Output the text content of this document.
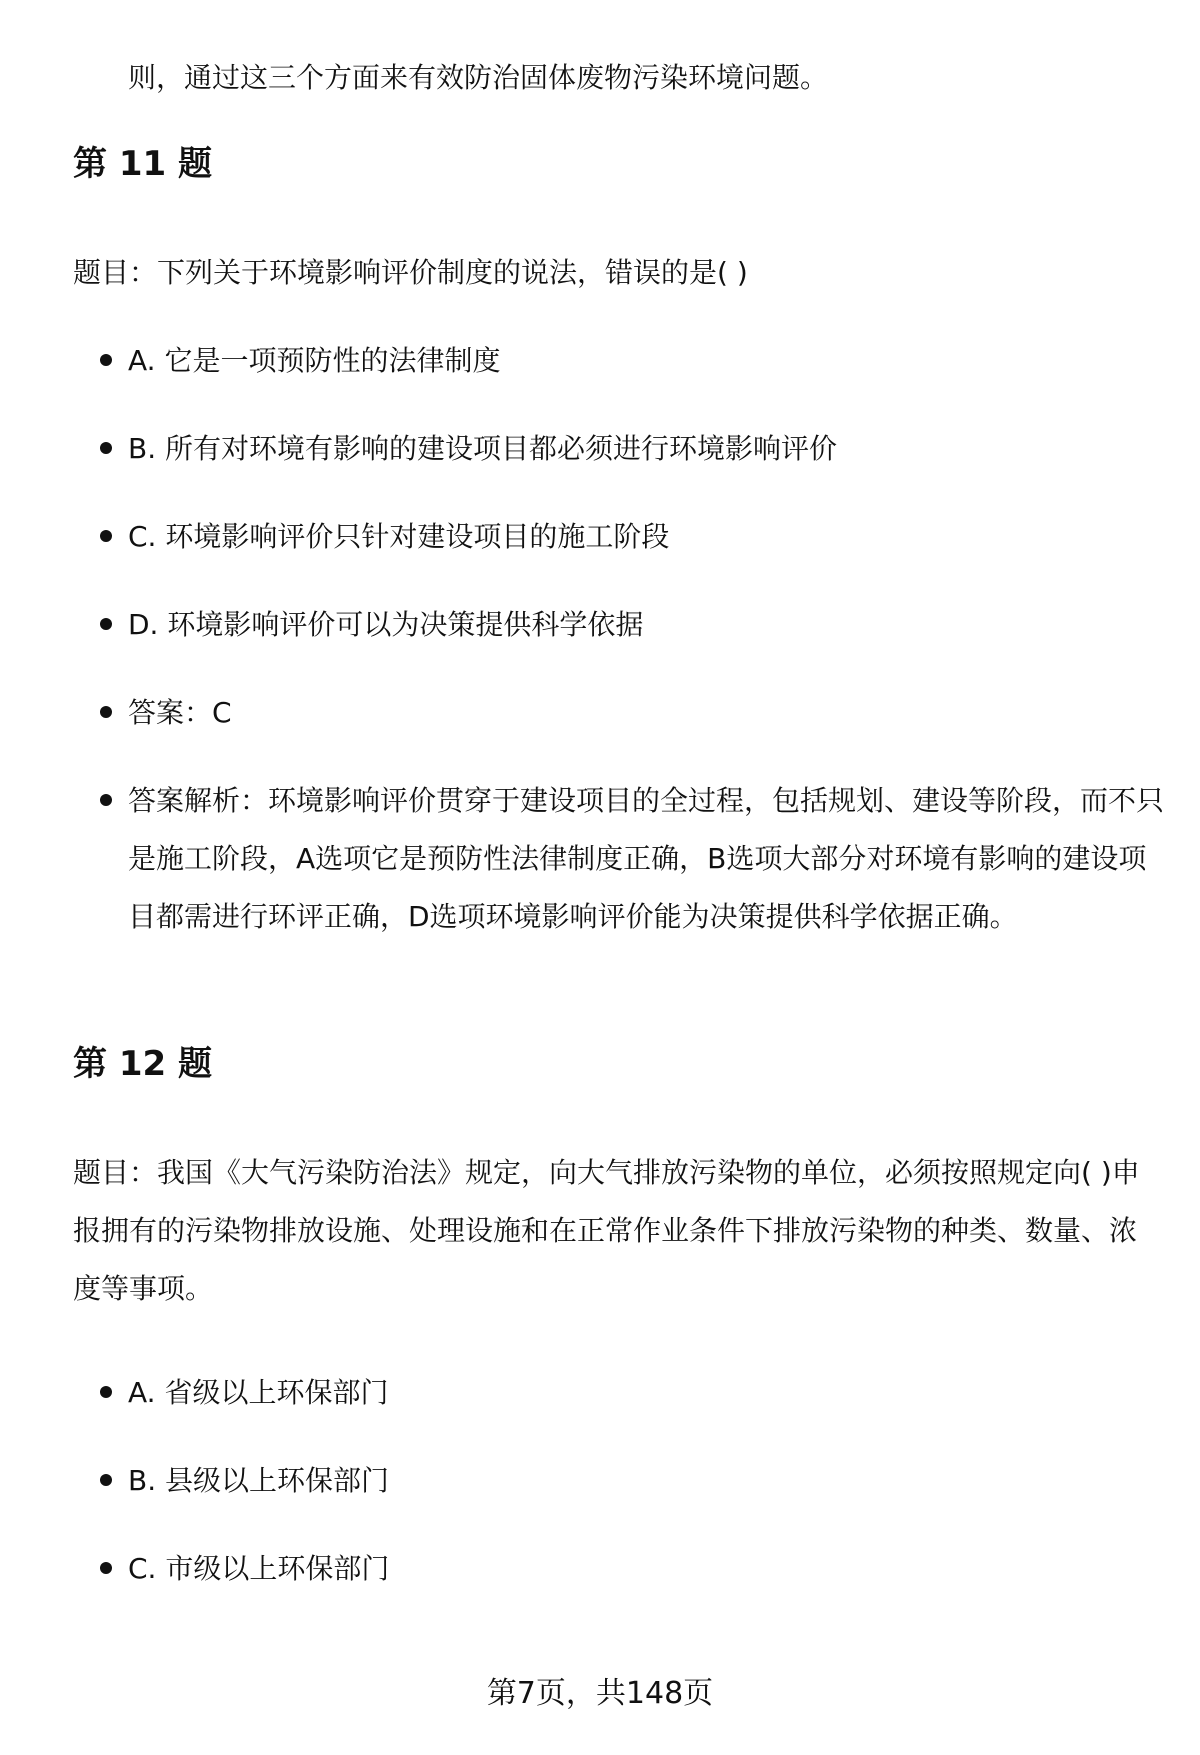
则，通过这三个方面来有效防治固体废物污染环境问题。

第 11 题

题目：下列关于环境影响评价制度的说法，错误的是( )

A. 它是一项预防性的法律制度

B. 所有对环境有影响的建设项目都必须进行环境影响评价

C. 环境影响评价只针对建设项目的施工阶段

D. 环境影响评价可以为决策提供科学依据

答案：C

答案解析：环境影响评价贯穿于建设项目的全过程，包括规划、建设等阶段，而不只是施工阶段，A选项它是预防性法律制度正确，B选项大部分对环境有影响的建设项目都需进行环评正确，D选项环境影响评价能为决策提供科学依据正确。

第 12 题

题目：我国《大气污染防治法》规定，向大气排放污染物的单位，必须按照规定向( )申报拥有的污染物排放设施、处理设施和在正常作业条件下排放污染物的种类、数量、浓度等事项。

A. 省级以上环保部门

B. 县级以上环保部门

C. 市级以上环保部门

第7页，共148页
